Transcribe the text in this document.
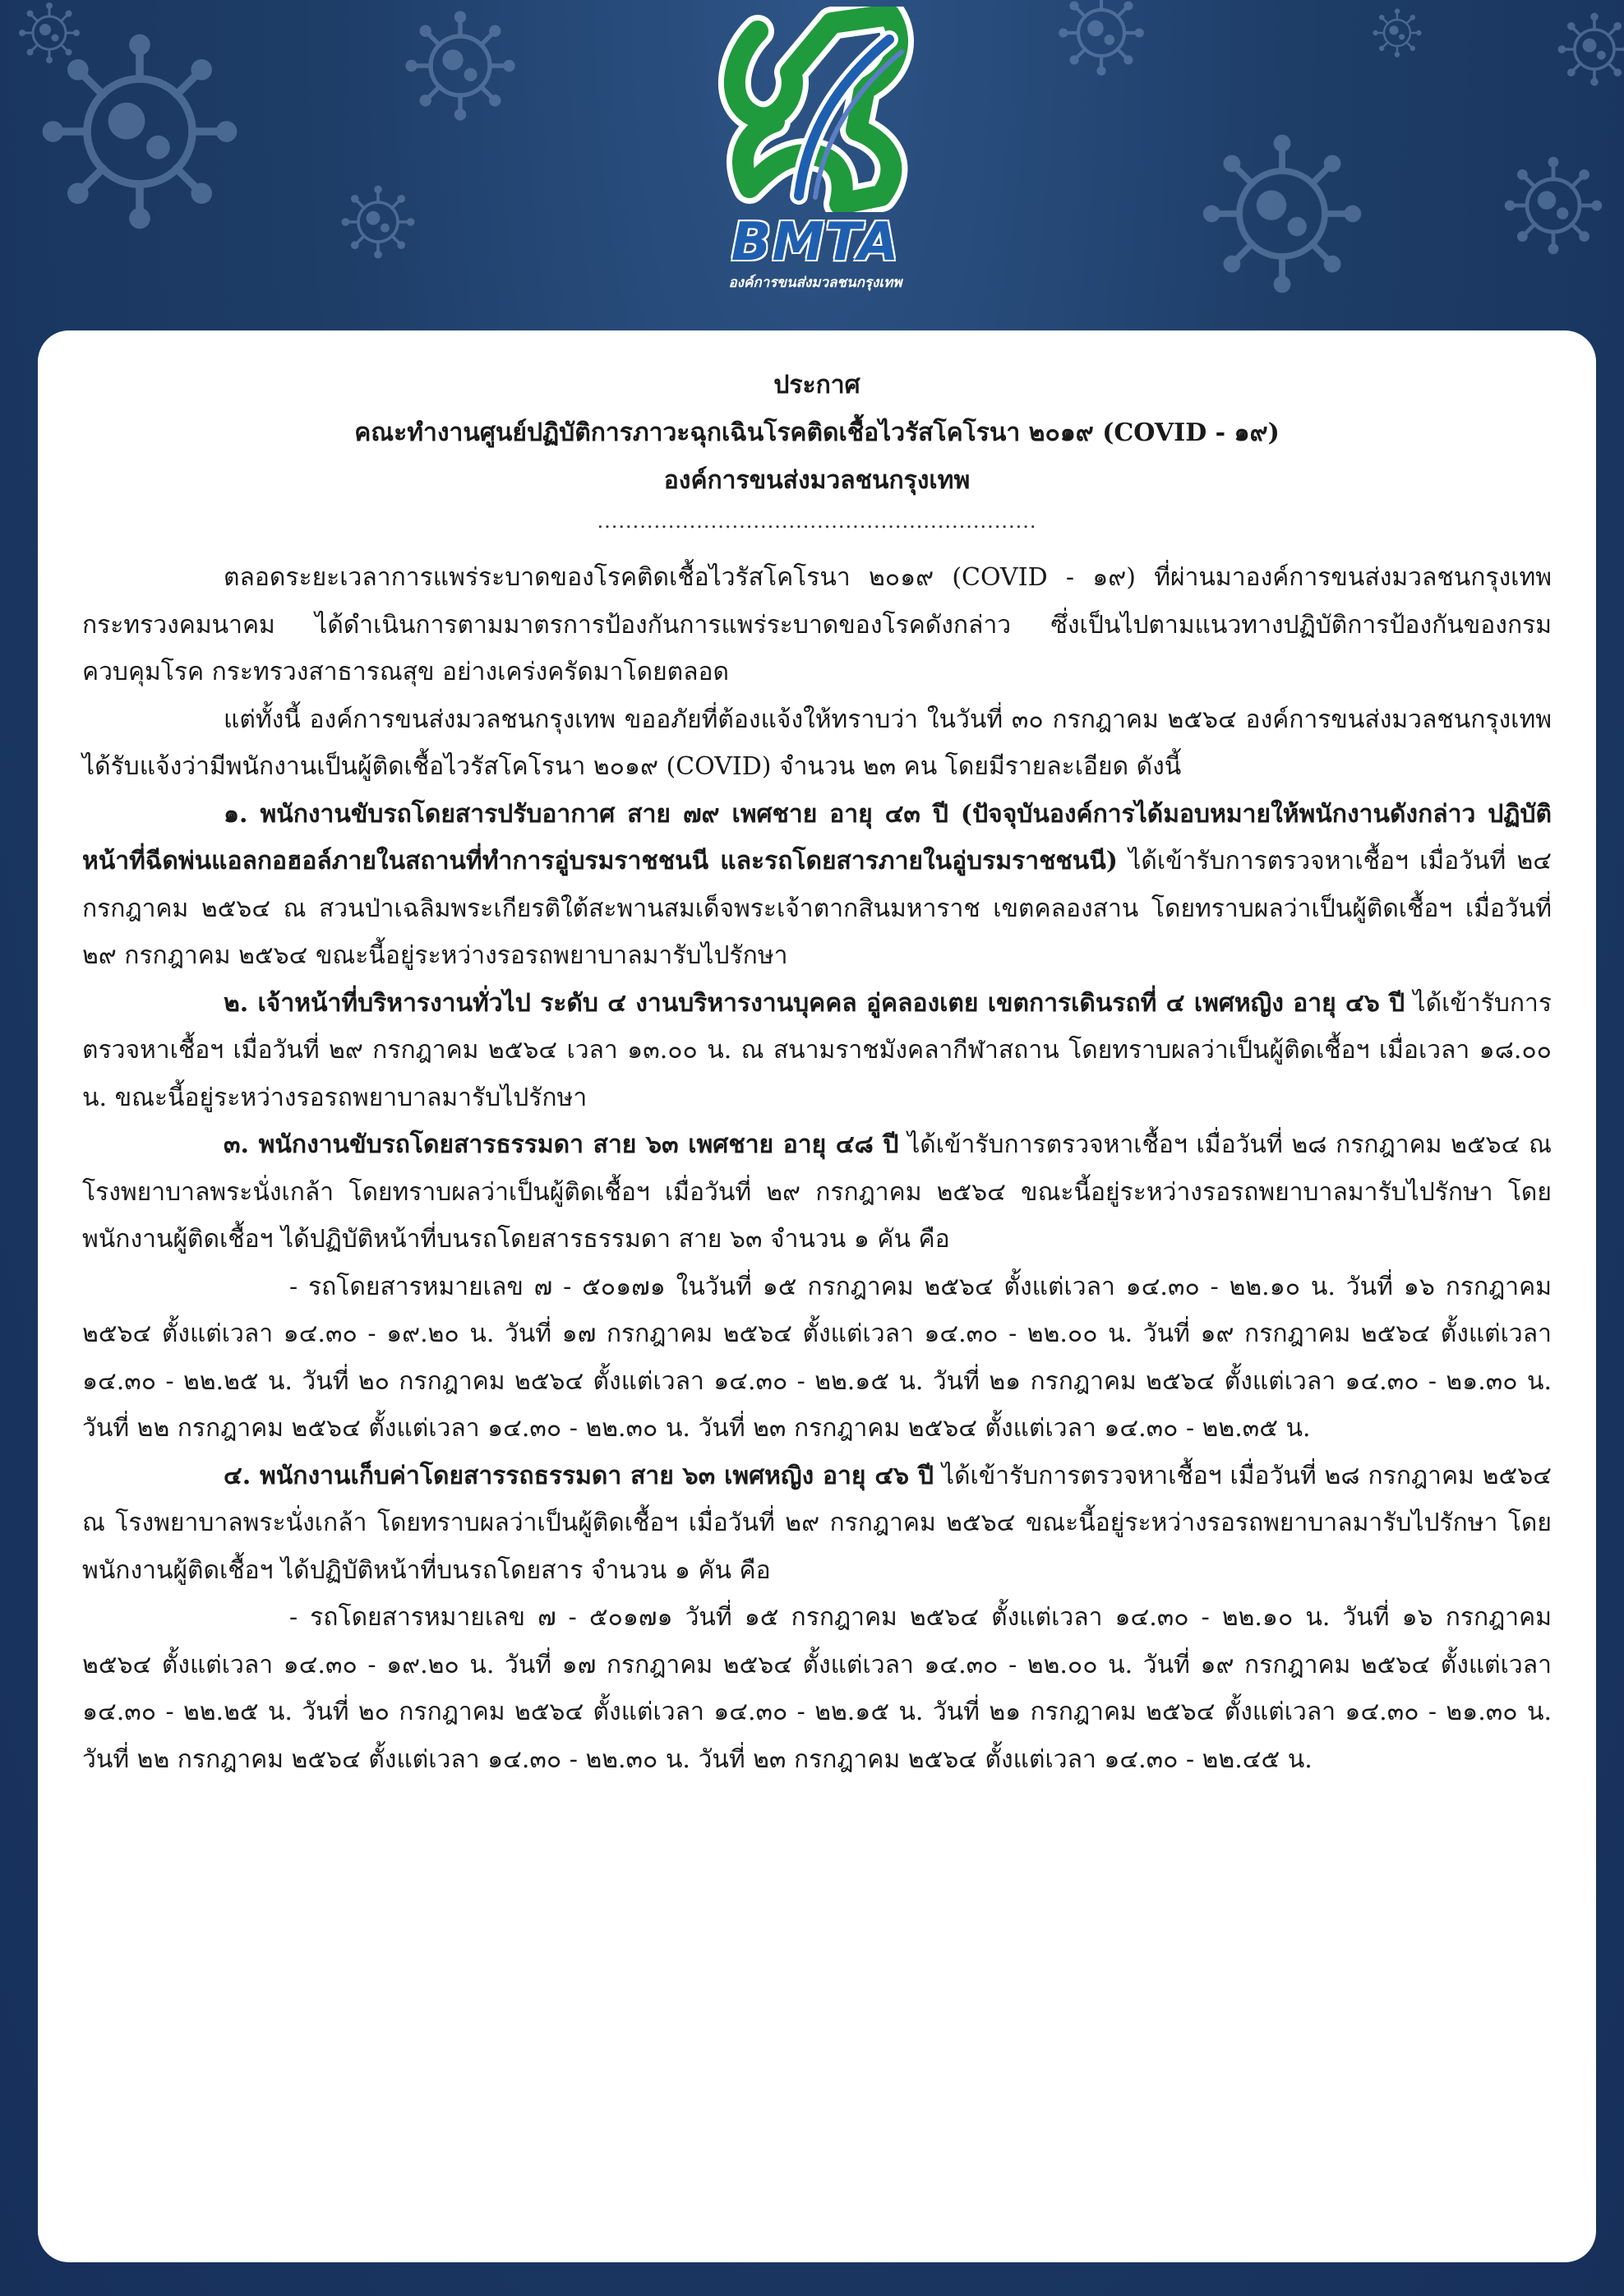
BMTA
องค์การขนส่งมวลชนกรุงเทพ
ประกาศ
คณะทำงานศูนย์ปฏิบัติการภาวะฉุกเฉินโรคติดเชื้อไวรัสโคโรนา ๒๐๑๙ (COVID - ๑๙)
องค์การขนส่งมวลชนกรุงเทพ
..............................................................

ตลอดระยะเวลาการแพร่ระบาดของโรคติดเชื้อไวรัสโคโรนา ๒๐๑๙ (COVID - ๑๙) ที่ผ่านมาองค์การขนส่งมวลชนกรุงเทพ กระทรวงคมนาคม ได้ดำเนินการตามมาตรการป้องกันการแพร่ระบาดของโรคดังกล่าว ซึ่งเป็นไปตามแนวทางปฏิบัติการป้องกันของกรมควบคุมโรค กระทรวงสาธารณสุข อย่างเคร่งครัดมาโดยตลอด

แต่ทั้งนี้ องค์การขนส่งมวลชนกรุงเทพ ขออภัยที่ต้องแจ้งให้ทราบว่า ในวันที่ ๓๐ กรกฎาคม ๒๕๖๔ องค์การขนส่งมวลชนกรุงเทพ ได้รับแจ้งว่ามีพนักงานเป็นผู้ติดเชื้อไวรัสโคโรนา ๒๐๑๙ (COVID) จำนวน ๒๓ คน โดยมีรายละเอียด ดังนี้

๑. พนักงานขับรถโดยสารปรับอากาศ สาย ๗๙ เพศชาย อายุ ๔๓ ปี (ปัจจุบันองค์การได้มอบหมายให้พนักงานดังกล่าว ปฏิบัติหน้าที่ฉีดพ่นแอลกอฮอล์ภายในสถานที่ทำการอู่บรมราชชนนี และรถโดยสารภายในอู่บรมราชชนนี) ได้เข้ารับการตรวจหาเชื้อฯ เมื่อวันที่ ๒๔ กรกฎาคม ๒๕๖๔ ณ สวนป่าเฉลิมพระเกียรติใต้สะพานสมเด็จพระเจ้าตากสินมหาราช เขตคลองสาน โดยทราบผลว่าเป็นผู้ติดเชื้อฯ เมื่อวันที่ ๒๙ กรกฎาคม ๒๕๖๔ ขณะนี้อยู่ระหว่างรอรถพยาบาลมารับไปรักษา

๒. เจ้าหน้าที่บริหารงานทั่วไป ระดับ ๔ งานบริหารงานบุคคล อู่คลองเตย เขตการเดินรถที่ ๔ เพศหญิง อายุ ๔๖ ปี ได้เข้ารับการตรวจหาเชื้อฯ เมื่อวันที่ ๒๙ กรกฎาคม ๒๕๖๔ เวลา ๑๓.๐๐ น. ณ สนามราชมังคลากีฬาสถาน โดยทราบผลว่าเป็นผู้ติดเชื้อฯ เมื่อเวลา ๑๘.๐๐ น. ขณะนี้อยู่ระหว่างรอรถพยาบาลมารับไปรักษา

๓. พนักงานขับรถโดยสารธรรมดา สาย ๖๓ เพศชาย อายุ ๔๘ ปี ได้เข้ารับการตรวจหาเชื้อฯ เมื่อวันที่ ๒๘ กรกฎาคม ๒๕๖๔ ณ โรงพยาบาลพระนั่งเกล้า โดยทราบผลว่าเป็นผู้ติดเชื้อฯ เมื่อวันที่ ๒๙ กรกฎาคม ๒๕๖๔ ขณะนี้อยู่ระหว่างรอรถพยาบาลมารับไปรักษา โดยพนักงานผู้ติดเชื้อฯ ได้ปฏิบัติหน้าที่บนรถโดยสารธรรมดา สาย ๖๓ จำนวน ๑ คัน คือ

- รถโดยสารหมายเลข ๗ - ๕๐๑๗๑ ในวันที่ ๑๕ กรกฎาคม ๒๕๖๔ ตั้งแต่เวลา ๑๔.๓๐ - ๒๒.๑๐ น. วันที่ ๑๖ กรกฎาคม ๒๕๖๔ ตั้งแต่เวลา ๑๔.๓๐ - ๑๙.๒๐ น. วันที่ ๑๗ กรกฎาคม ๒๕๖๔ ตั้งแต่เวลา ๑๔.๓๐ - ๒๒.๐๐ น. วันที่ ๑๙ กรกฎาคม ๒๕๖๔ ตั้งแต่เวลา ๑๔.๓๐ - ๒๒.๒๕ น. วันที่ ๒๐ กรกฎาคม ๒๕๖๔ ตั้งแต่เวลา ๑๔.๓๐ - ๒๒.๑๕ น. วันที่ ๒๑ กรกฎาคม ๒๕๖๔ ตั้งแต่เวลา ๑๔.๓๐ - ๒๑.๓๐ น. วันที่ ๒๒ กรกฎาคม ๒๕๖๔ ตั้งแต่เวลา ๑๔.๓๐ - ๒๒.๓๐ น. วันที่ ๒๓ กรกฎาคม ๒๕๖๔ ตั้งแต่เวลา ๑๔.๓๐ - ๒๒.๓๕ น.

๔. พนักงานเก็บค่าโดยสารรถธรรมดา สาย ๖๓ เพศหญิง อายุ ๔๖ ปี ได้เข้ารับการตรวจหาเชื้อฯ เมื่อวันที่ ๒๘ กรกฎาคม ๒๕๖๔ ณ โรงพยาบาลพระนั่งเกล้า โดยทราบผลว่าเป็นผู้ติดเชื้อฯ เมื่อวันที่ ๒๙ กรกฎาคม ๒๕๖๔ ขณะนี้อยู่ระหว่างรอรถพยาบาลมารับไปรักษา โดยพนักงานผู้ติดเชื้อฯ ได้ปฏิบัติหน้าที่บนรถโดยสาร จำนวน ๑ คัน คือ

- รถโดยสารหมายเลข ๗ - ๕๐๑๗๑ วันที่ ๑๕ กรกฎาคม ๒๕๖๔ ตั้งแต่เวลา ๑๔.๓๐ - ๒๒.๑๐ น. วันที่ ๑๖ กรกฎาคม ๒๕๖๔ ตั้งแต่เวลา ๑๔.๓๐ - ๑๙.๒๐ น. วันที่ ๑๗ กรกฎาคม ๒๕๖๔ ตั้งแต่เวลา ๑๔.๓๐ - ๒๒.๐๐ น. วันที่ ๑๙ กรกฎาคม ๒๕๖๔ ตั้งแต่เวลา ๑๔.๓๐ - ๒๒.๒๕ น. วันที่ ๒๐ กรกฎาคม ๒๕๖๔ ตั้งแต่เวลา ๑๔.๓๐ - ๒๒.๑๕ น. วันที่ ๒๑ กรกฎาคม ๒๕๖๔ ตั้งแต่เวลา ๑๔.๓๐ - ๒๑.๓๐ น. วันที่ ๒๒ กรกฎาคม ๒๕๖๔ ตั้งแต่เวลา ๑๔.๓๐ - ๒๒.๓๐ น. วันที่ ๒๓ กรกฎาคม ๒๕๖๔ ตั้งแต่เวลา ๑๔.๓๐ - ๒๒.๔๕ น.
